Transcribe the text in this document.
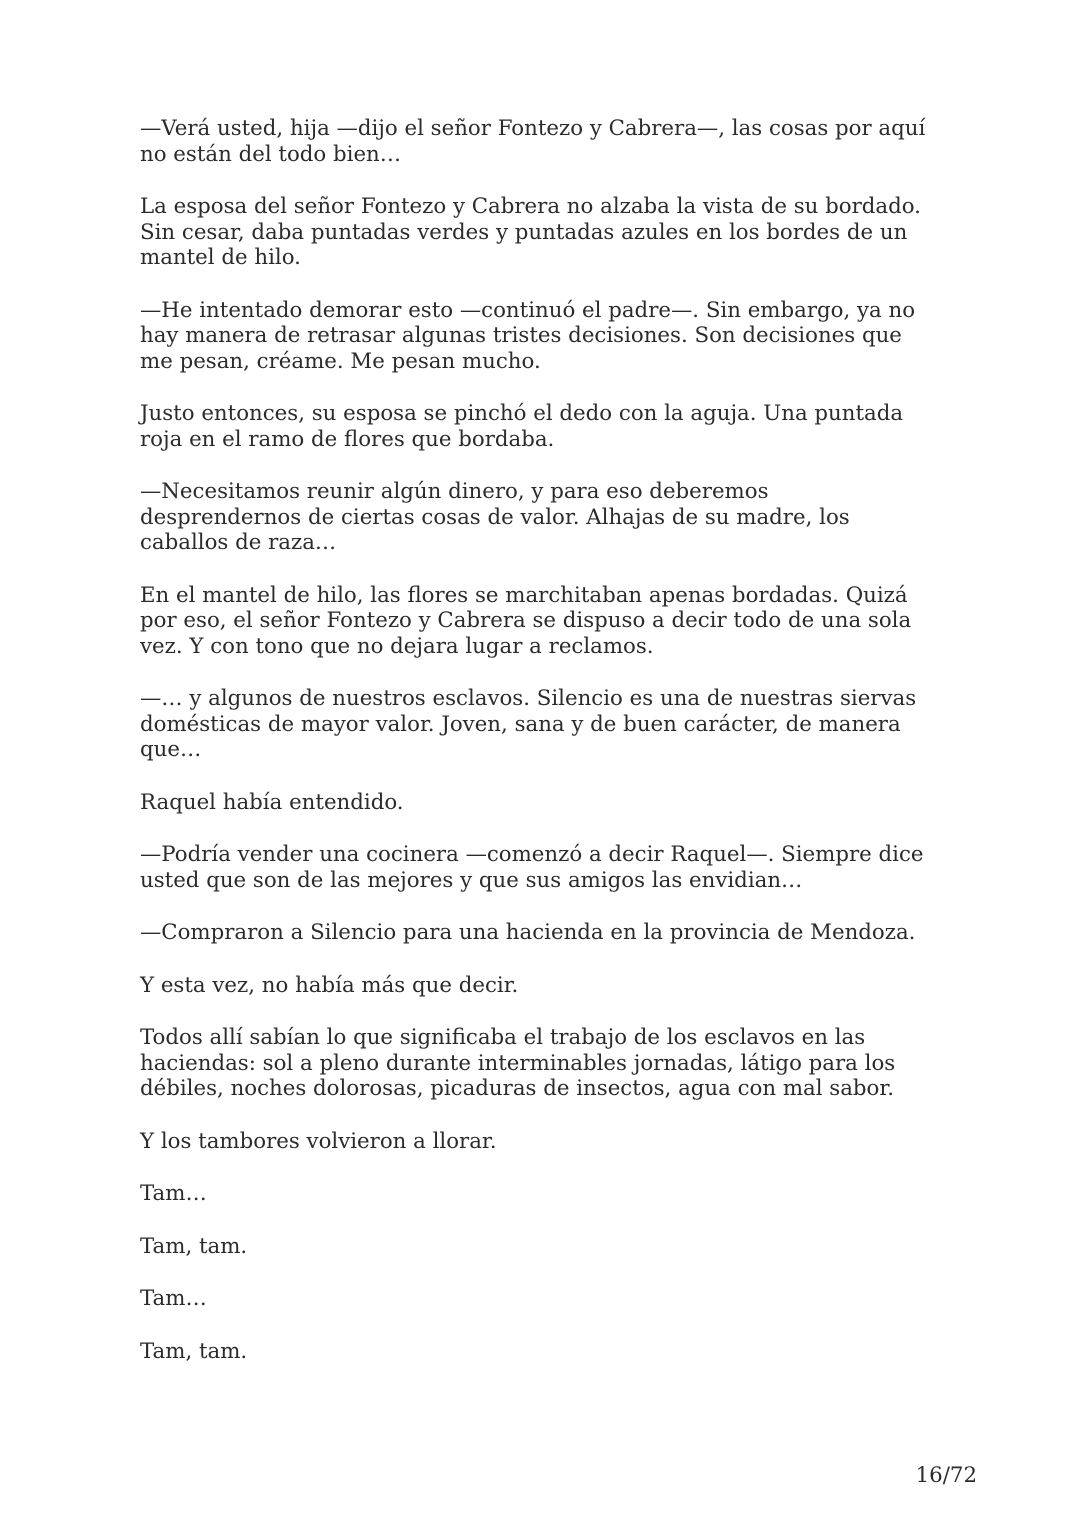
—Verá usted, hija —dijo el señor Fontezo y Cabrera—, las cosas por aquí
no están del todo bien…

La esposa del señor Fontezo y Cabrera no alzaba la vista de su bordado.
Sin cesar, daba puntadas verdes y puntadas azules en los bordes de un
mantel de hilo.

—He intentado demorar esto —continuó el padre—. Sin embargo, ya no
hay manera de retrasar algunas tristes decisiones. Son decisiones que
me pesan, créame. Me pesan mucho.

Justo entonces, su esposa se pinchó el dedo con la aguja. Una puntada
roja en el ramo de flores que bordaba.

—Necesitamos reunir algún dinero, y para eso deberemos
desprendernos de ciertas cosas de valor. Alhajas de su madre, los
caballos de raza…

En el mantel de hilo, las flores se marchitaban apenas bordadas. Quizá
por eso, el señor Fontezo y Cabrera se dispuso a decir todo de una sola
vez. Y con tono que no dejara lugar a reclamos.

—… y algunos de nuestros esclavos. Silencio es una de nuestras siervas
domésticas de mayor valor. Joven, sana y de buen carácter, de manera
que…

Raquel había entendido.

—Podría vender una cocinera —comenzó a decir Raquel—. Siempre dice
usted que son de las mejores y que sus amigos las envidian…

—Compraron a Silencio para una hacienda en la provincia de Mendoza.

Y esta vez, no había más que decir.

Todos allí sabían lo que significaba el trabajo de los esclavos en las
haciendas: sol a pleno durante interminables jornadas, látigo para los
débiles, noches dolorosas, picaduras de insectos, agua con mal sabor.

Y los tambores volvieron a llorar.

Tam…

Tam, tam.

Tam…

Tam, tam.

16/72
